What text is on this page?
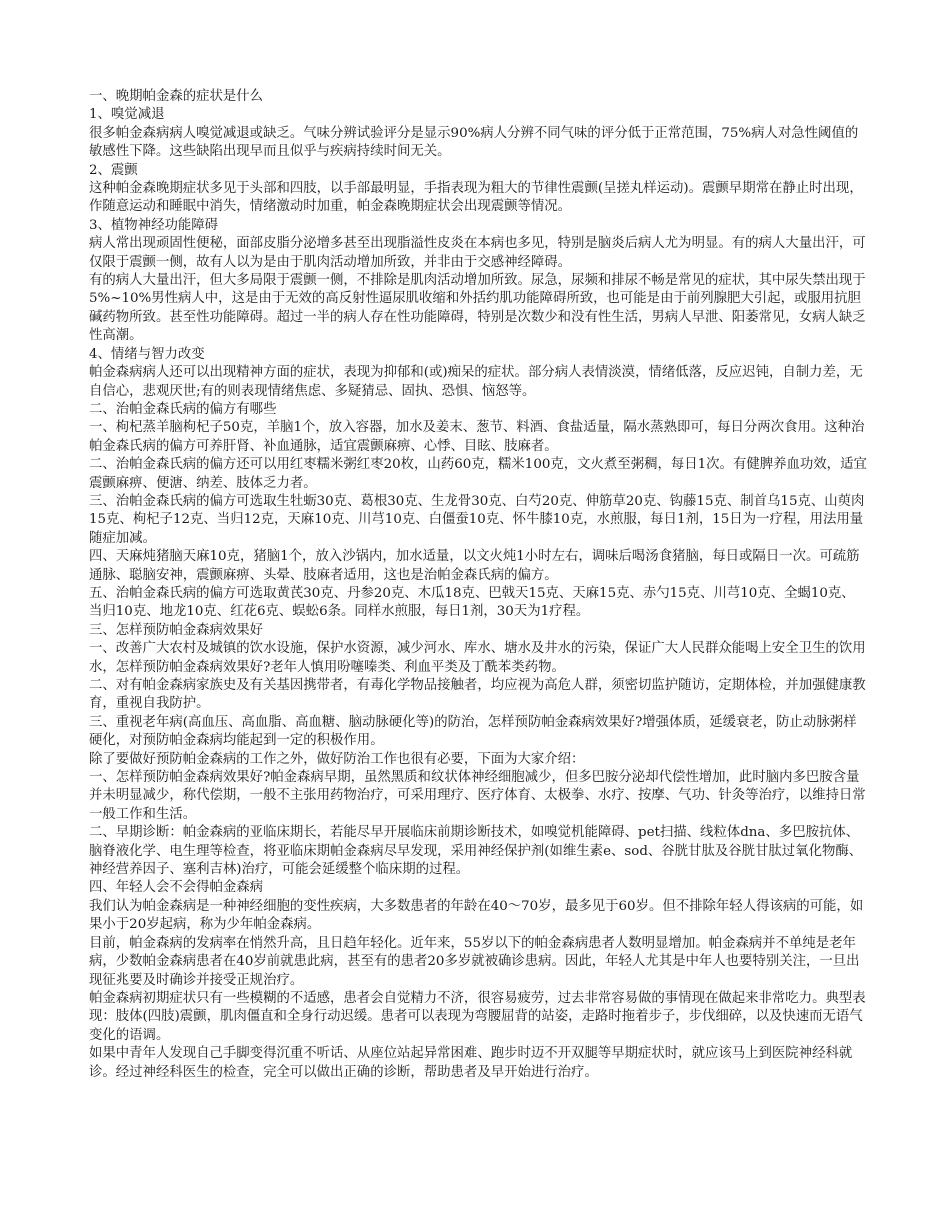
一、晚期帕金森的症状是什么

1、嗅觉减退

很多帕金森病病人嗅觉减退或缺乏。气味分辨试验评分是显示90%病人分辨不同气味的评分低于正常范围，75%病人对急性阈值的敏感性下降。这些缺陷出现早而且似乎与疾病持续时间无关。

2、震颤

这种帕金森晚期症状多见于头部和四肢，以手部最明显，手指表现为粗大的节律性震颤(呈搓丸样运动)。震颤早期常在静止时出现，作随意运动和睡眠中消失，情绪激动时加重，帕金森晚期症状会出现震颤等情况。

3、植物神经功能障碍

病人常出现顽固性便秘，面部皮脂分泌增多甚至出现脂溢性皮炎在本病也多见，特别是脑炎后病人尤为明显。有的病人大量出汗，可仅限于震颤一侧，故有人以为是由于肌肉活动增加所致，并非由于交感神经障碍。

有的病人大量出汗，但大多局限于震颤一侧，不排除是肌肉活动增加所致。尿急，尿频和排尿不畅是常见的症状，其中尿失禁出现于5%~10%男性病人中，这是由于无效的高反射性逼尿肌收缩和外括约肌功能障碍所致，也可能是由于前列腺肥大引起，或服用抗胆碱药物所致。甚至性功能障碍。超过一半的病人存在性功能障碍，特别是次数少和没有性生活，男病人早泄、阳萎常见，女病人缺乏性高潮。

4、情绪与智力改变

帕金森病病人还可以出现精神方面的症状，表现为抑郁和(或)痴呆的症状。部分病人表情淡漠，情绪低落，反应迟钝，自制力差，无自信心，悲观厌世;有的则表现情绪焦虑、多疑猜忌、固执、恐惧、恼怒等。

二、治帕金森氏病的偏方有哪些

一、枸杞蒸羊脑枸杞子50克，羊脑1个，放入容器，加水及姜末、葱节、料酒、食盐适量，隔水蒸熟即可，每日分两次食用。这种治帕金森氏病的偏方可养肝肾、补血通脉，适宜震颤麻痹、心悸、目眩、肢麻者。

二、治帕金森氏病的偏方还可以用红枣糯米粥红枣20枚，山药60克，糯米100克，文火煮至粥稠，每日1次。有健脾养血功效，适宜震颤麻痹、便溏、纳差、肢体乏力者。

三、治帕金森氏病的偏方可选取生牡蛎30克、葛根30克、生龙骨30克、白芍20克、伸筋草20克、钩藤15克、制首乌15克、山萸肉15克、枸杞子12克、当归12克，天麻10克、川芎10克、白僵蚕10克、怀牛膝10克，水煎服，每日1剂，15日为一疗程，用法用量随症加减。

四、天麻炖猪脑天麻10克，猪脑1个，放入沙锅内，加水适量，以文火炖1小时左右，调味后喝汤食猪脑，每日或隔日一次。可疏筋通脉、聪脑安神，震颤麻痹、头晕、肢麻者适用，这也是治帕金森氏病的偏方。

五、治帕金森氏病的偏方可选取黄芪30克、丹参20克、木瓜18克、巴戟天15克、天麻15克、赤勺15克、川芎10克、全蝎10克、当归10克、地龙10克、红花6克、蜈蚣6条。同样水煎服，每日1剂，30天为1疗程。

三、怎样预防帕金森病效果好

一、改善广大农村及城镇的饮水设施，保护水资源，减少河水、库水、塘水及井水的污染，保证广大人民群众能喝上安全卫生的饮用水，怎样预防帕金森病效果好?老年人慎用吩噻嗪类、利血平类及丁酰苯类药物。

二、对有帕金森病家族史及有关基因携带者，有毒化学物品接触者，均应视为高危人群，须密切监护随访，定期体检，并加强健康教育，重视自我防护。

三、重视老年病(高血压、高血脂、高血糖、脑动脉硬化等)的防治，怎样预防帕金森病效果好?增强体质，延缓衰老，防止动脉粥样硬化，对预防帕金森病均能起到一定的积极作用。

除了要做好预防帕金森病的工作之外，做好防治工作也很有必要，下面为大家介绍：

一、怎样预防帕金森病效果好?帕金森病早期，虽然黑质和纹状体神经细胞减少，但多巴胺分泌却代偿性增加，此时脑内多巴胺含量并未明显减少，称代偿期，一般不主张用药物治疗，可采用理疗、医疗体育、太极拳、水疗、按摩、气功、针灸等治疗，以维持日常一般工作和生活。

二、早期诊断：帕金森病的亚临床期长，若能尽早开展临床前期诊断技术，如嗅觉机能障碍、pet扫描、线粒体dna、多巴胺抗体、脑脊液化学、电生理等检查，将亚临床期帕金森病尽早发现，采用神经保护剂(如维生素e、sod、谷胱甘肽及谷胱甘肽过氧化物酶、神经营养因子、塞利吉林)治疗，可能会延缓整个临床期的过程。

四、年轻人会不会得帕金森病

我们认为帕金森病是一种神经细胞的变性疾病，大多数患者的年龄在40～70岁，最多见于60岁。但不排除年轻人得该病的可能，如果小于20岁起病，称为少年帕金森病。

目前，帕金森病的发病率在悄然升高，且日趋年轻化。近年来，55岁以下的帕金森病患者人数明显增加。帕金森病并不单纯是老年病，少数帕金森病患者在40岁前就患此病，甚至有的患者20多岁就被确诊患病。因此，年轻人尤其是中年人也要特别关注，一旦出现征兆要及时确诊并接受正规治疗。

帕金森病初期症状只有一些模糊的不适感，患者会自觉精力不济，很容易疲劳，过去非常容易做的事情现在做起来非常吃力。典型表现：肢体(四肢)震颤，肌肉僵直和全身行动迟缓。患者可以表现为弯腰屈背的站姿，走路时拖着步子，步伐细碎，以及快速而无语气变化的语调。

如果中青年人发现自己手脚变得沉重不听话、从座位站起异常困难、跑步时迈不开双腿等早期症状时，就应该马上到医院神经科就诊。经过神经科医生的检查，完全可以做出正确的诊断，帮助患者及早开始进行治疗。
